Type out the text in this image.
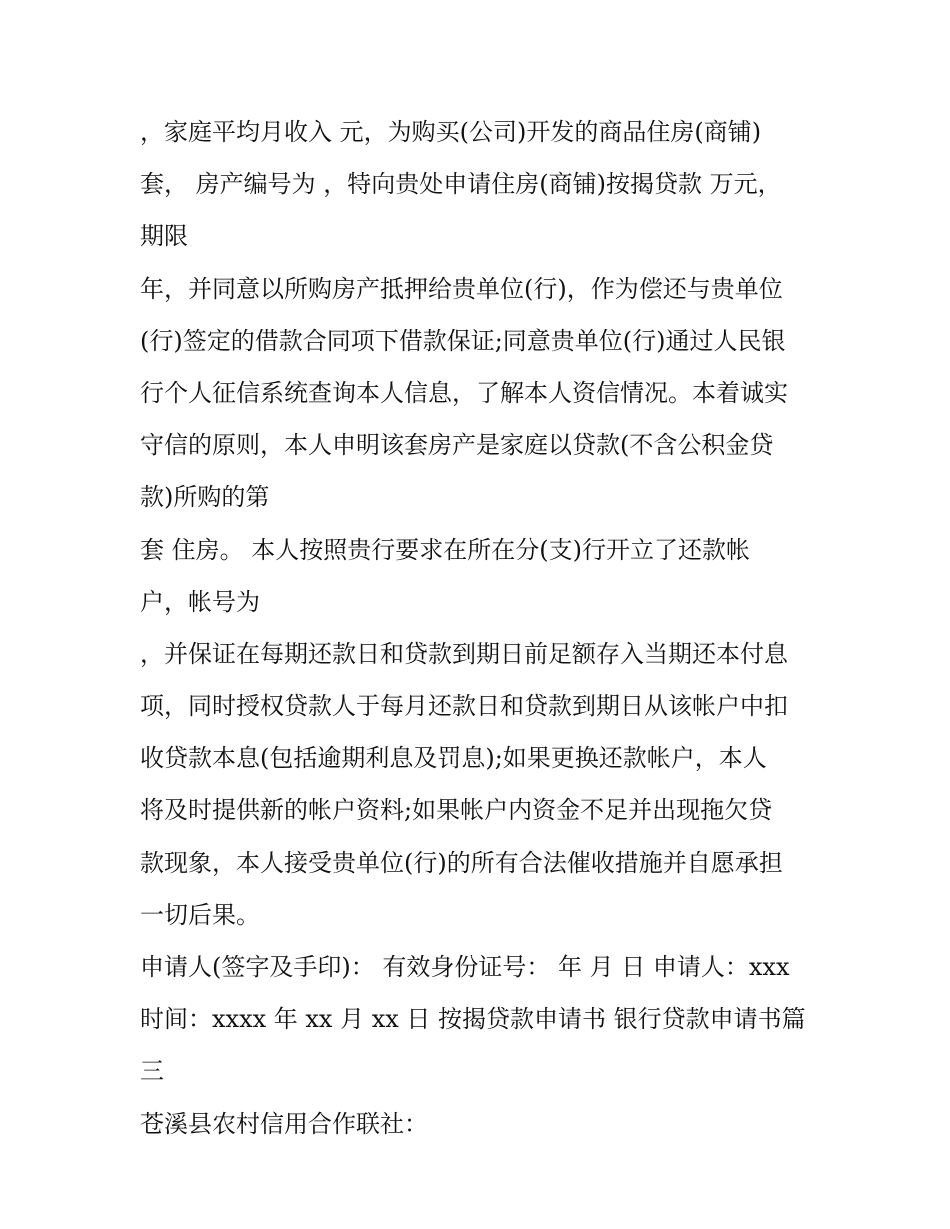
，家庭平均月收入 元，为购买(公司)开发的商品住房(商铺)
套， 房产编号为 ，特向贵处申请住房(商铺)按揭贷款 万元，
期限
年，并同意以所购房产抵押给贵单位(行)，作为偿还与贵单位
(行)签定的借款合同项下借款保证;同意贵单位(行)通过人民银
行个人征信系统查询本人信息，了解本人资信情况。本着诚实
守信的原则，本人申明该套房产是家庭以贷款(不含公积金贷
款)所购的第
套 住房。 本人按照贵行要求在所在分(支)行开立了还款帐
户，帐号为
，并保证在每期还款日和贷款到期日前足额存入当期还本付息
项，同时授权贷款人于每月还款日和贷款到期日从该帐户中扣
收贷款本息(包括逾期利息及罚息);如果更换还款帐户，本人
将及时提供新的帐户资料;如果帐户内资金不足并出现拖欠贷
款现象，本人接受贵单位(行)的所有合法催收措施并自愿承担
一切后果。
申请人(签字及手印)： 有效身份证号： 年 月 日 申请人：xxx
时间：xxxx 年 xx 月 xx 日 按揭贷款申请书 银行贷款申请书篇
三
苍溪县农村信用合作联社：
